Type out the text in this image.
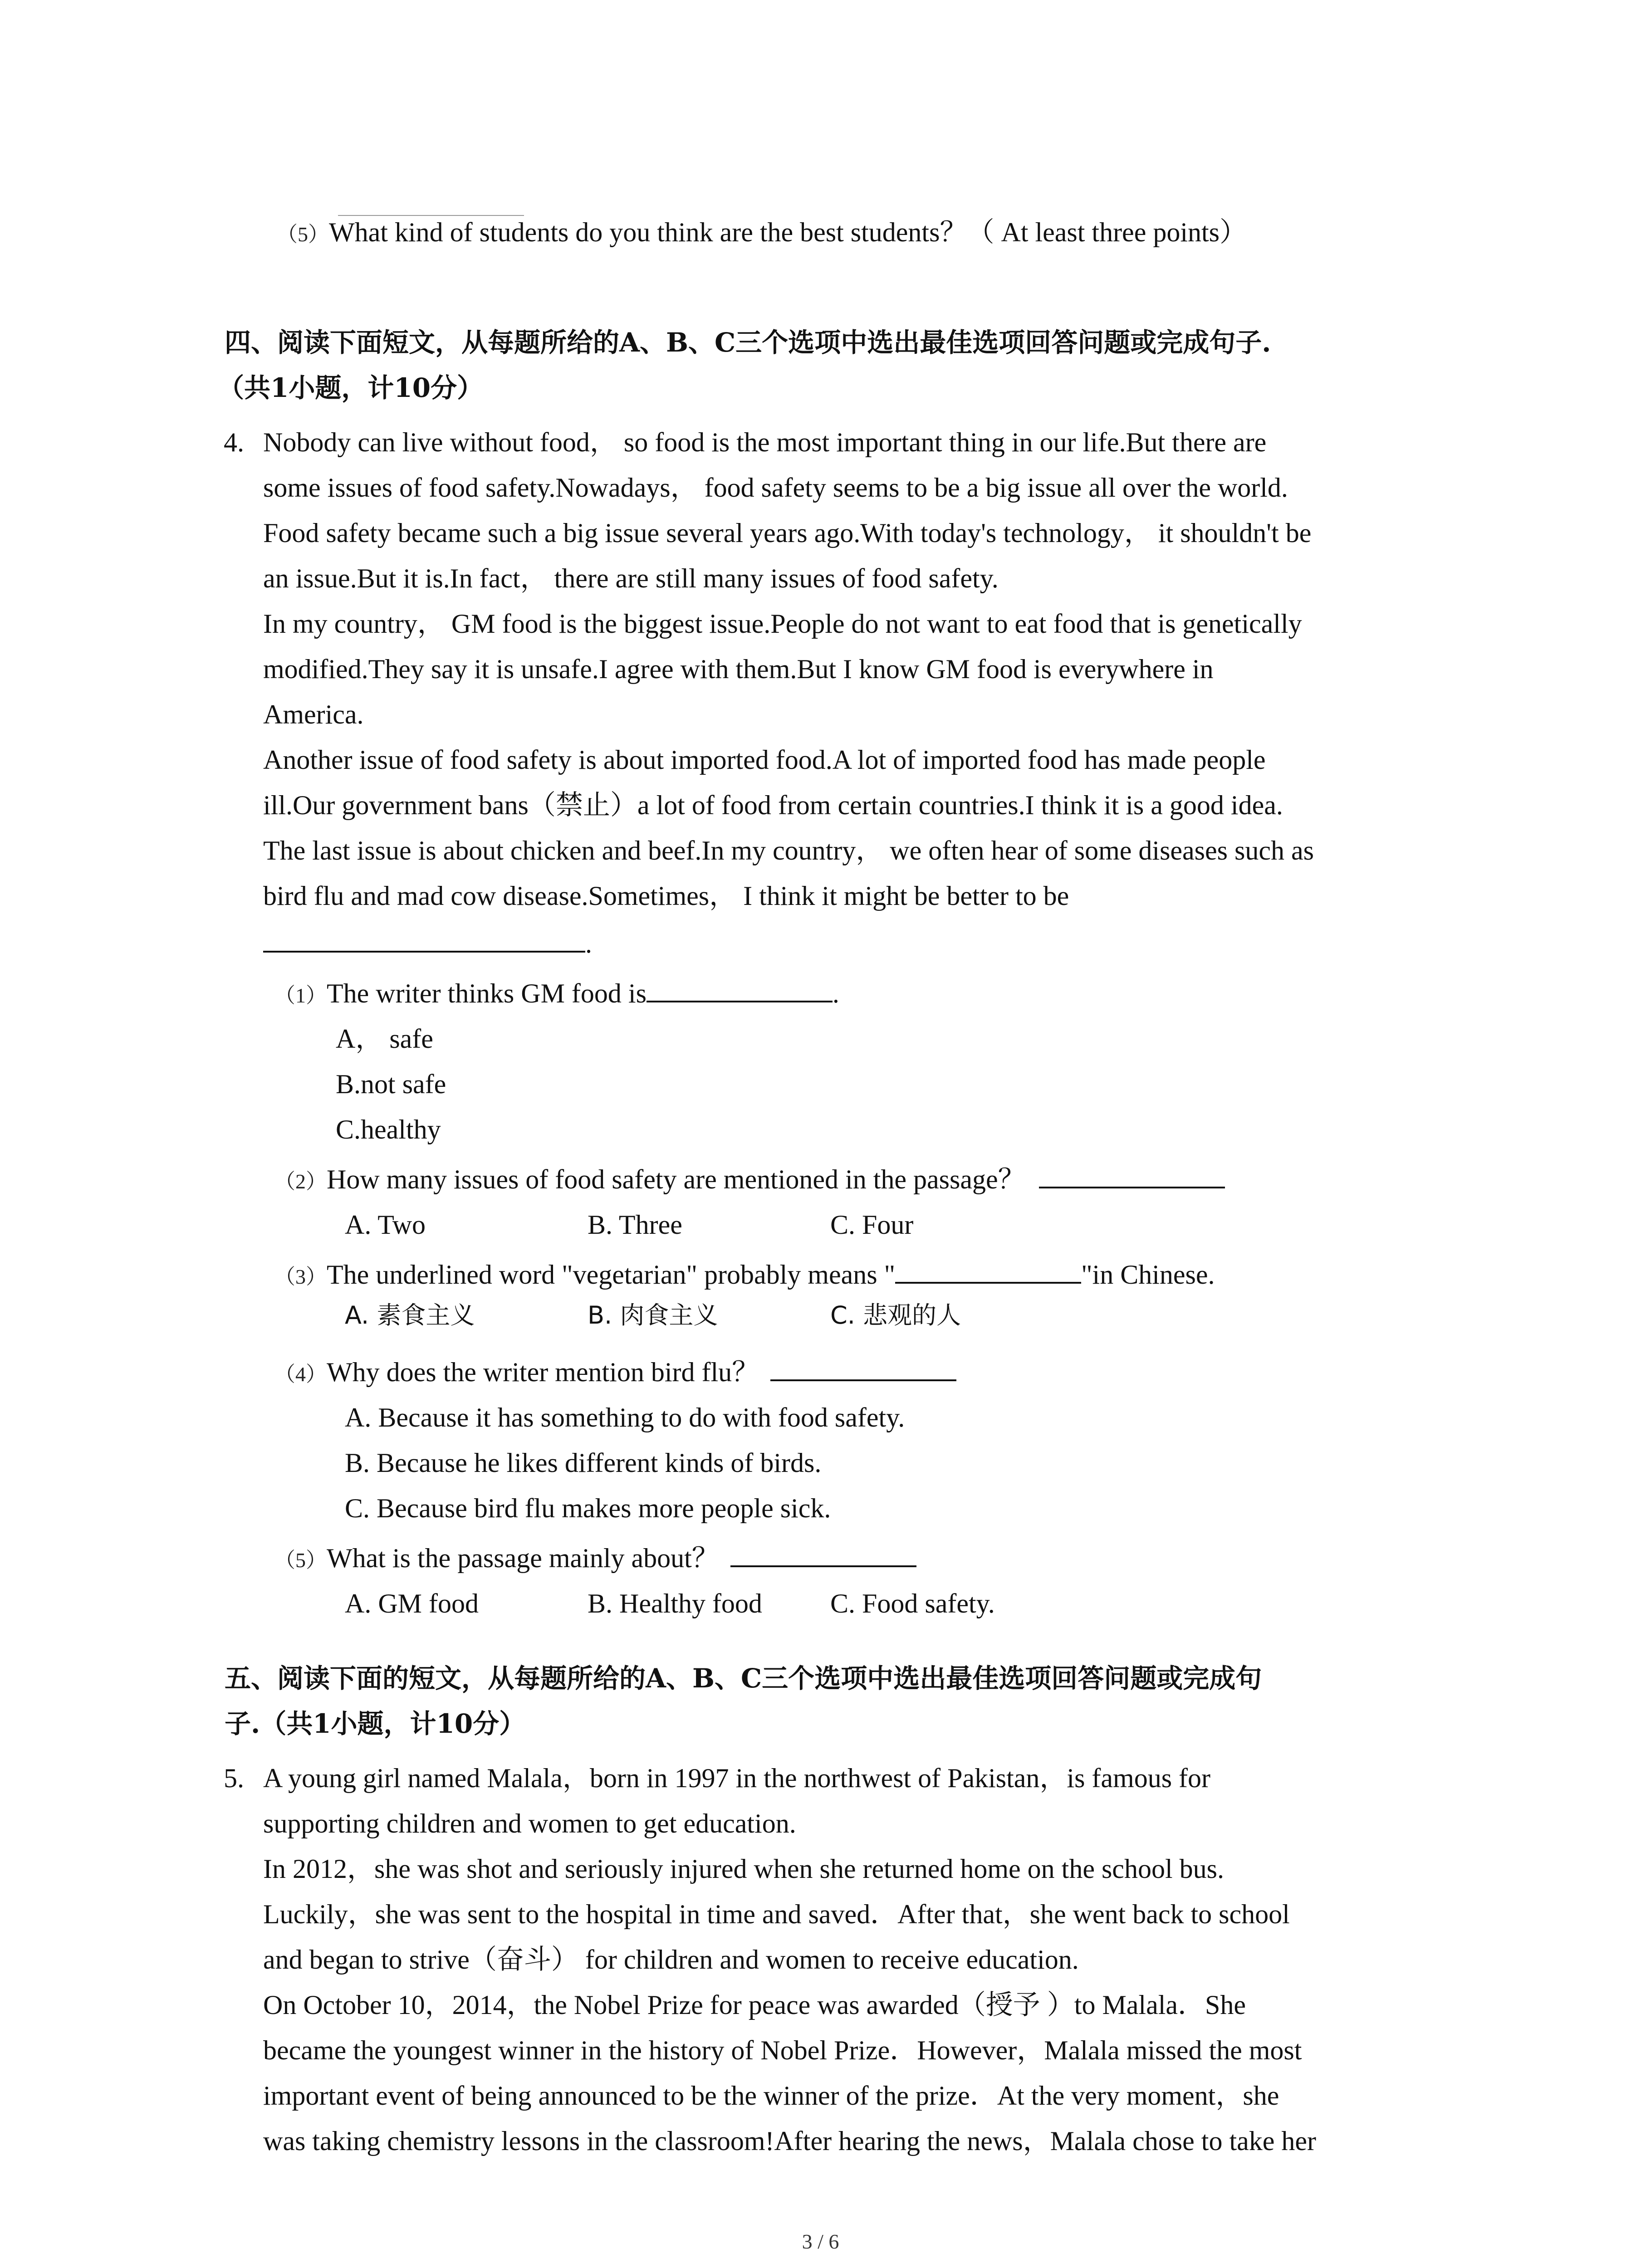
（5）What kind of students do you think are the best students？（ At least three points）
四、阅读下面短文，从每题所给的A、B、C三个选项中选出最佳选项回答问题或完成句子.
（共1小题，计10分）
4. Nobody can live without food， so food is the most important thing in our life.But there are
some issues of food safety.Nowadays， food safety seems to be a big issue all over the world.
Food safety became such a big issue several years ago.With today's technology， it shouldn't be
an issue.But it is.In fact， there are still many issues of food safety.
In my country， GM food is the biggest issue.People do not want to eat food that is genetically
modified.They say it is unsafe.I agree with them.But I know GM food is everywhere in
America.
Another issue of food safety is about imported food.A lot of imported food has made people
ill.Our government bans（禁止）a lot of food from certain countries.I think it is a good idea.
The last issue is about chicken and beef.In my country， we often hear of some diseases such as
bird flu and mad cow disease.Sometimes， I think it might be better to be
.
（1）The writer thinks GM food is	.
A， safe
B.not safe
C.healthy
（2）How many issues of food safety are mentioned in the passage？
A. Two	B. Three	C. Four
（3）The underlined word "vegetarian" probably means "	"in Chinese.
A. 素食主义	B. 肉食主义	C. 悲观的人
（4）Why does the writer mention bird flu？
A. Because it has something to do with food safety.
B. Because he likes different kinds of birds.
C. Because bird flu makes more people sick.
（5）What is the passage mainly about？
A. GM food	B. Healthy food	C. Food safety.
五、阅读下面的短文，从每题所给的A、B、C三个选项中选出最佳选项回答问题或完成句
子.（共1小题，计10分）
5. A young girl named Malala，born in 1997 in the northwest of Pakistan，is famous for
supporting children and women to get education.
In 2012，she was shot and seriously injured when she returned home on the school bus.
Luckily，she was sent to the hospital in time and saved．After that，she went back to school
and began to strive（奋斗） for children and women to receive education.
On October 10，2014，the Nobel Prize for peace was awarded（授予 ）to Malala．She
became the youngest winner in the history of Nobel Prize．However，Malala missed the most
important event of being announced to be the winner of the prize．At the very moment，she
was taking chemistry lessons in the classroom!After hearing the news，Malala chose to take her
3 / 6
